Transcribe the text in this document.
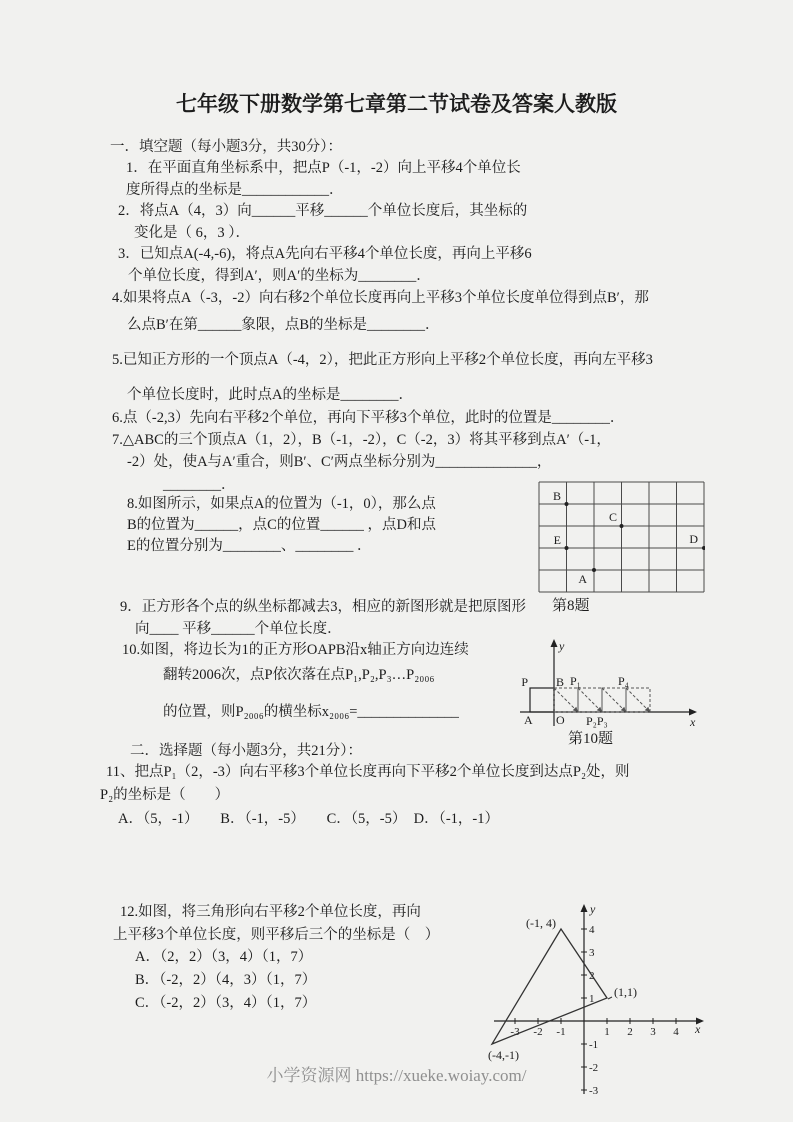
七年级下册数学第七章第二节试卷及答案人教版
一．填空题（每小题3分，共30分）：
1．在平面直角坐标系中，把点P（-1，-2）向上平移4个单位长
度所得点的坐标是____________．
2．将点A（4，3）向______平移______个单位长度后，其坐标的
变化是（ 6，3 ）．
3．已知点A(-4,-6)，将点A先向右平移4个单位长度，再向上平移6
个单位长度，得到A′，则A′的坐标为________．
4.如果将点A（-3，-2）向右移2个单位长度再向上平移3个单位长度单位得到点B′，那
么点B′在第______象限，点B的坐标是________．
5.已知正方形的一个顶点A（-4，2），把此正方形向上平移2个单位长度，再向左平移3
个单位长度时，此时点A的坐标是________．
6.点（-2,3）先向右平移2个单位，再向下平移3个单位，此时的位置是________．
7.△ABC的三个顶点A（1，2），B（-1，-2），C（-2，3）将其平移到点A′（-1，
-2）处，使A与A′重合，则B′、C′两点坐标分别为______________，
________．
8.如图所示，如果点A的位置为（-1，0），那么点
B的位置为______，点C的位置______ ，点D和点
E的位置分别为________、________ ．
B
C
E
A
D
第8题
9．正方形各个点的纵坐标都减去3，相应的新图形就是把原图形
向____ 平移______个单位长度．
10.如图，将边长为1的正方形OAPB沿x轴正方向边连续
翻转2006次，点P依次落在点P₁,P₂,P₃…P₂₀₀₆
的位置，则P₂₀₀₆的横坐标x₂₀₀₆=______________
y
x
P B
A O
P₁	P₄
P₂P₃
第10题
二．选择题（每小题3分，共21分）：
11、把点P₁（2，-3）向右平移3个单位长度再向下平移2个单位长度到达点P₂处，则
P₂的坐标是（　　）
A．（5，-1）　　B．（-1，-5）　　C．（5，-5）　D．（-1，-1）
12.如图，将三角形向右平移2个单位长度，再向
上平移3个单位长度，则平移后三个的坐标是（　）
A．（2，2）（3，4）（1，7）
B．（-2，2）（4，3）（1，7）
C．（-2，2）（3，4）（1，7）
-3 -2 -1	1 2 3 4
4
3
2
1
-1
-2
-3
(-1, 4)
(1,1)
(-4,-1)
x
y
小学资源网 https://xueke.woiay.com/
